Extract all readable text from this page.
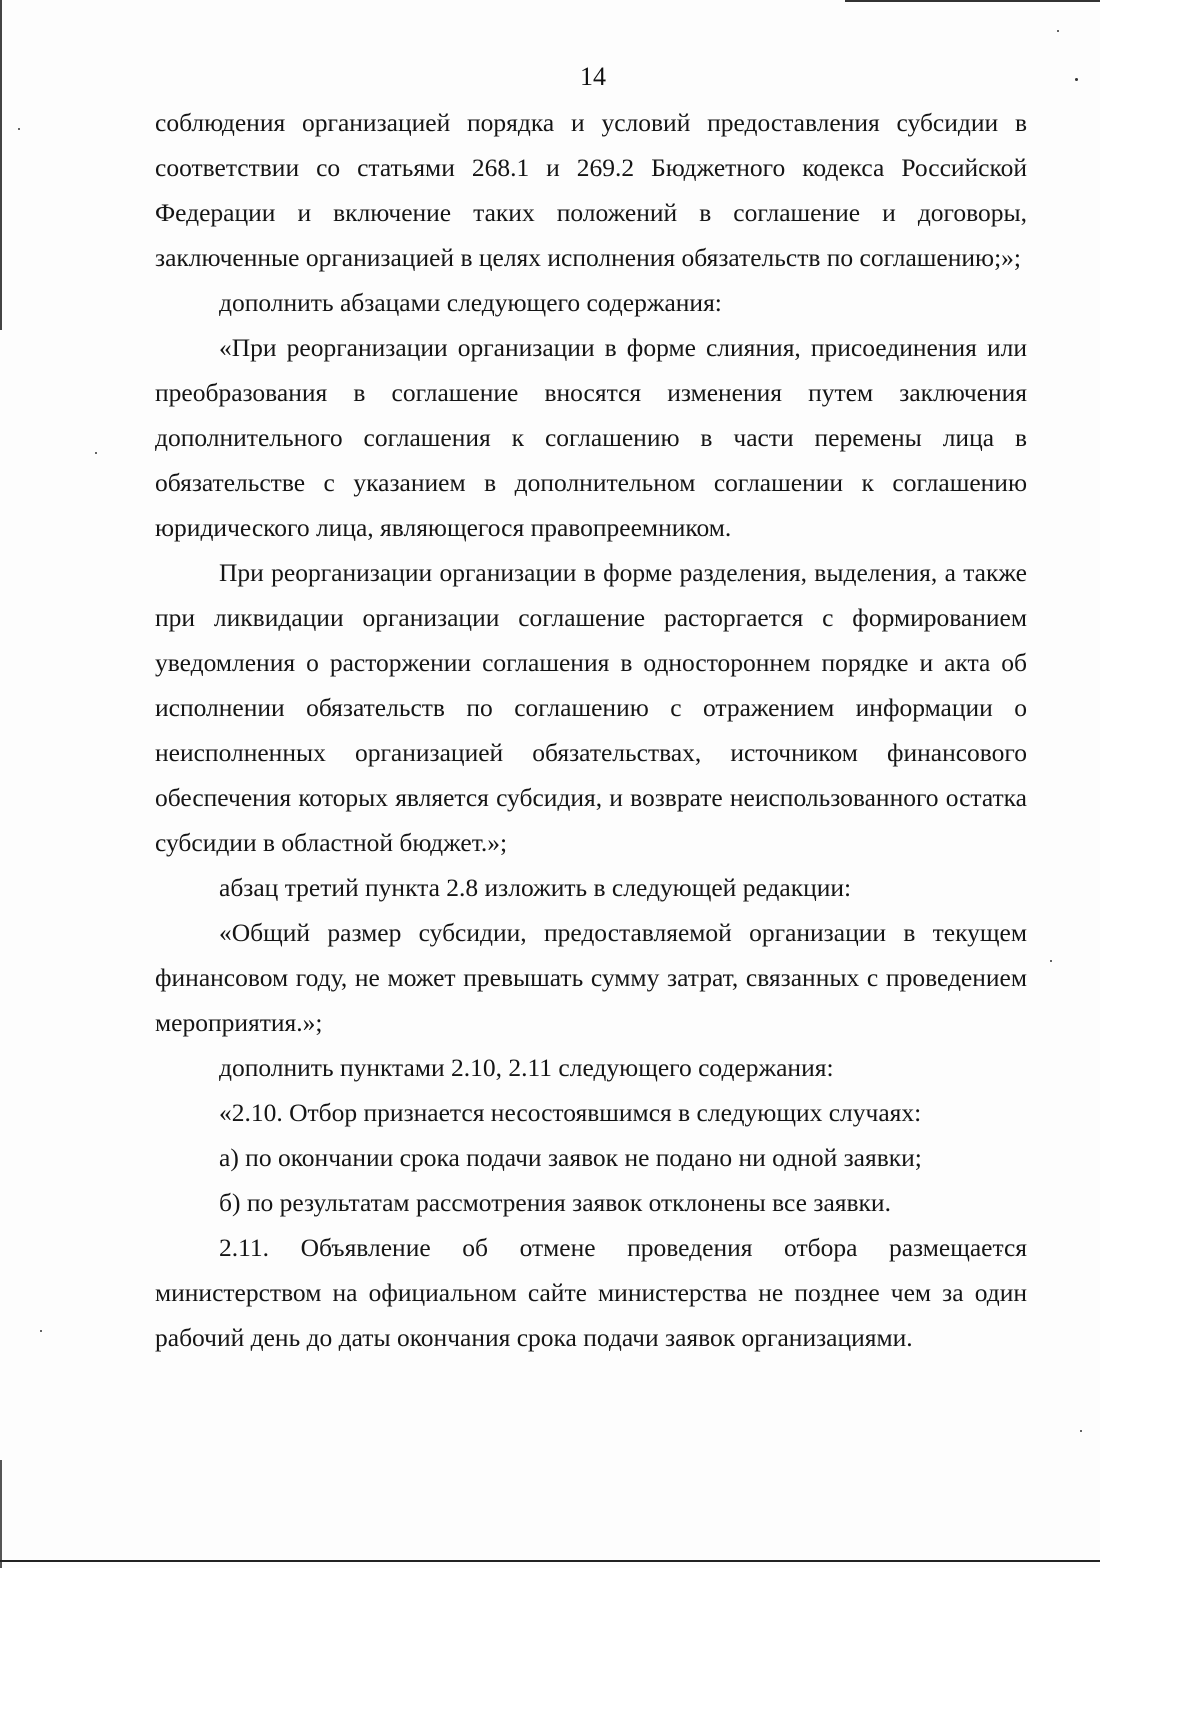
14

соблюдения организацией порядка и условий предоставления субсидии в соответствии со статьями 268.1 и 269.2 Бюджетного кодекса Российской Федерации и включение таких положений в соглашение и договоры, заключенные организацией в целях исполнения обязательств по соглашению;»;

дополнить абзацами следующего содержания:

«При реорганизации организации в форме слияния, присоединения или преобразования в соглашение вносятся изменения путем заключения дополнительного соглашения к соглашению в части перемены лица в обязательстве с указанием в дополнительном соглашении к соглашению юридического лица, являющегося правопреемником.

При реорганизации организации в форме разделения, выделения, а также при ликвидации организации соглашение расторгается с формированием уведомления о расторжении соглашения в одностороннем порядке и акта об исполнении обязательств по соглашению с отражением информации о неисполненных организацией обязательствах, источником финансового обеспечения которых является субсидия, и возврате неиспользованного остатка субсидии в областной бюджет.»;

абзац третий пункта 2.8 изложить в следующей редакции:

«Общий размер субсидии, предоставляемой организации в текущем финансовом году, не может превышать сумму затрат, связанных с проведением мероприятия.»;

дополнить пунктами 2.10, 2.11 следующего содержания:

«2.10. Отбор признается несостоявшимся в следующих случаях:

а) по окончании срока подачи заявок не подано ни одной заявки;

б) по результатам рассмотрения заявок отклонены все заявки.

2.11. Объявление об отмене проведения отбора размещается министерством на официальном сайте министерства не позднее чем за один рабочий день до даты окончания срока подачи заявок организациями.
